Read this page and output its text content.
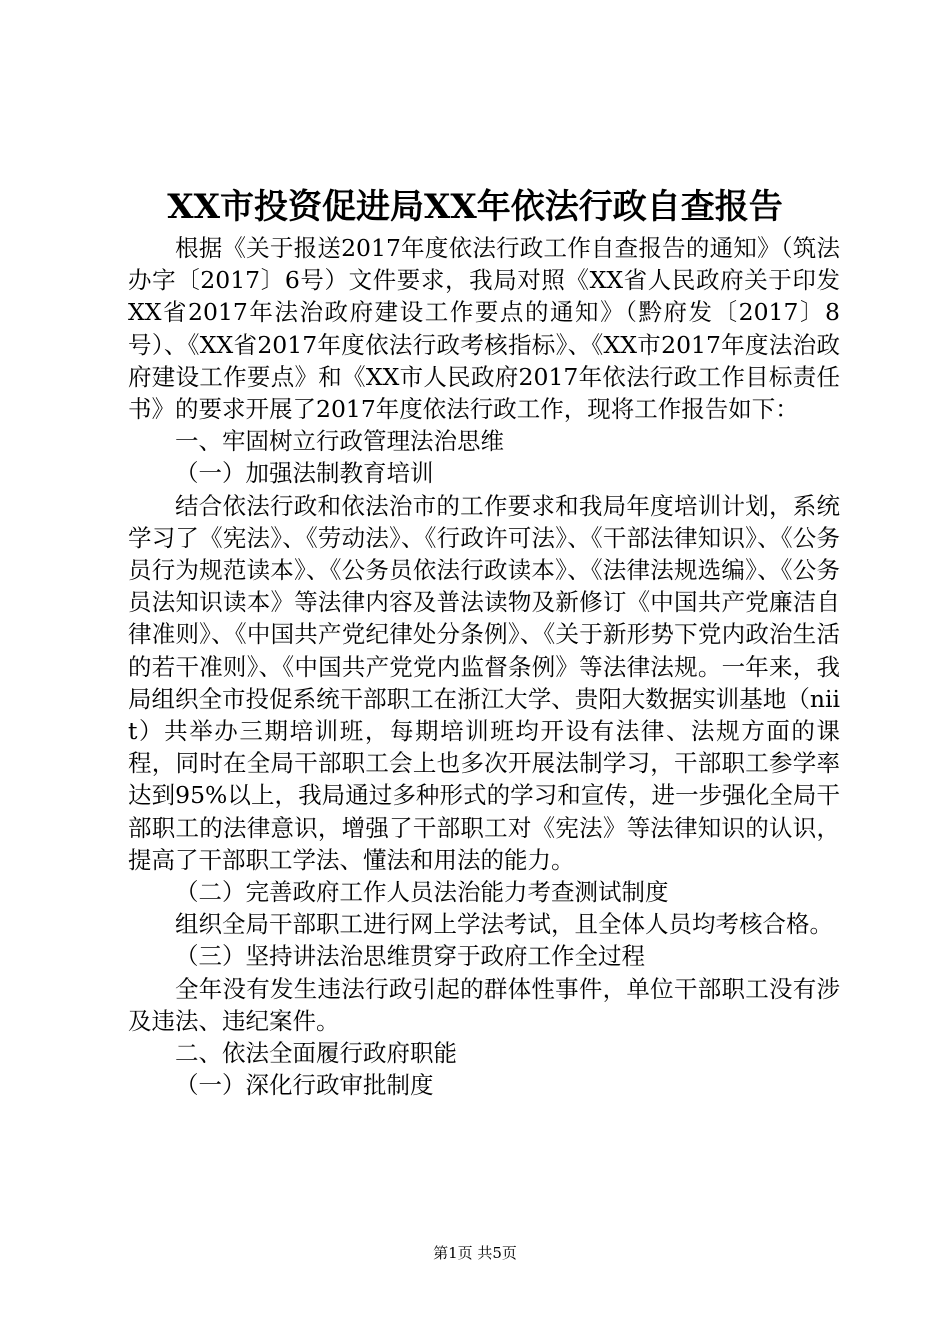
XX市投资促进局XX年依法行政自查报告

根据《关于报送2017年度依法行政工作自查报告的通知》（筑法办字〔2017〕6号）文件要求，我局对照《XX省人民政府关于印发XX省2017年法治政府建设工作要点的通知》（黔府发〔2017〕8号）、《XX省2017年度依法行政考核指标》、《XX市2017年度法治政府建设工作要点》和《XX市人民政府2017年依法行政工作目标责任书》的要求开展了2017年度依法行政工作，现将工作报告如下：

一、牢固树立行政管理法治思维

（一）加强法制教育培训

结合依法行政和依法治市的工作要求和我局年度培训计划，系统学习了《宪法》、《劳动法》、《行政许可法》、《干部法律知识》、《公务员行为规范读本》、《公务员依法行政读本》、《法律法规选编》、《公务员法知识读本》等法律内容及普法读物及新修订《中国共产党廉洁自律准则》、《中国共产党纪律处分条例》、《关于新形势下党内政治生活的若干准则》、《中国共产党党内监督条例》等法律法规。一年来，我局组织全市投促系统干部职工在浙江大学、贵阳大数据实训基地（niit）共举办三期培训班，每期培训班均开设有法律、法规方面的课程，同时在全局干部职工会上也多次开展法制学习，干部职工参学率达到95%以上，我局通过多种形式的学习和宣传，进一步强化全局干部职工的法律意识，增强了干部职工对《宪法》等法律知识的认识，提高了干部职工学法、懂法和用法的能力。

（二）完善政府工作人员法治能力考查测试制度

组织全局干部职工进行网上学法考试，且全体人员均考核合格。

（三）坚持讲法治思维贯穿于政府工作全过程

全年没有发生违法行政引起的群体性事件，单位干部职工没有涉及违法、违纪案件。

二、依法全面履行政府职能

（一）深化行政审批制度

第1页 共5页
